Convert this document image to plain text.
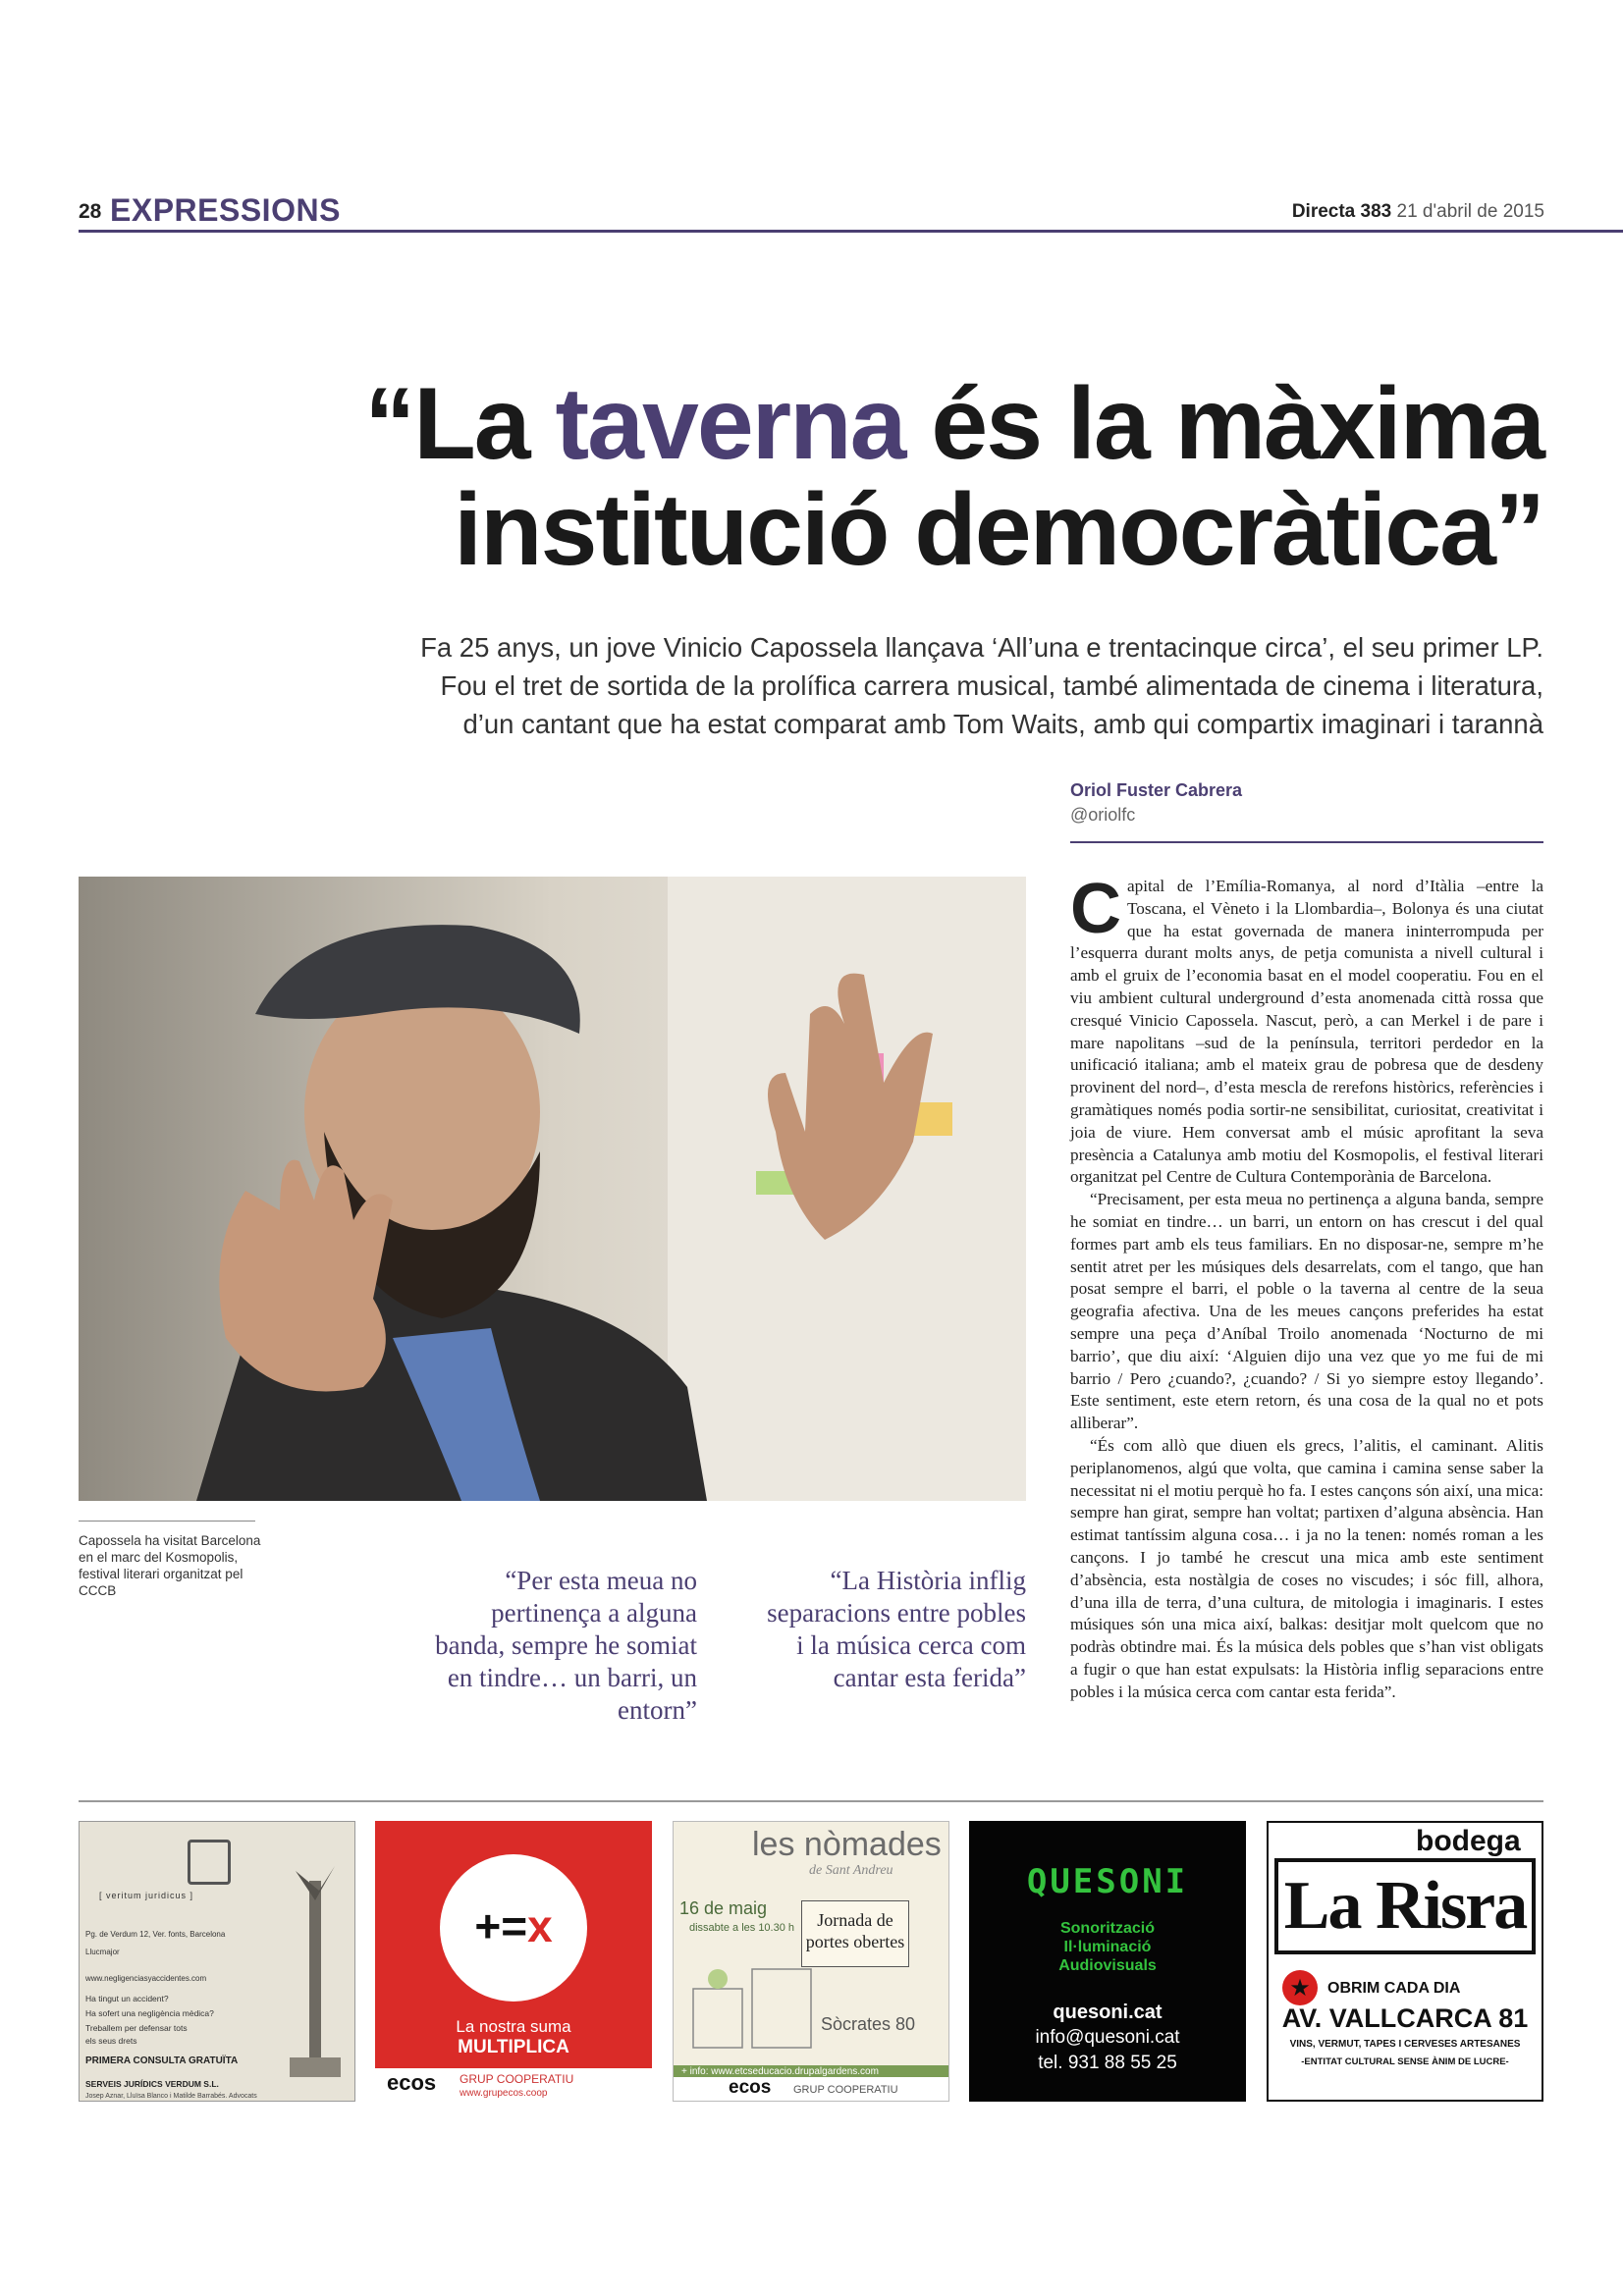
28 EXPRESSIONS	Directa 383 21 d'abril de 2015
“La taverna és la màxima
institució democràtica”
Fa 25 anys, un jove Vinicio Capossela llançava ‘All’una e trentacinque circa’, el seu primer LP.
Fou el tret de sortida de la prolífica carrera musical, també alimentada de cinema i literatura,
d’un cantant que ha estat comparat amb Tom Waits, amb qui compartix imaginari i tarannà
Oriol Fuster Cabrera
@oriolfc
Capossela ha visitat Barcelona en el marc del Kosmopolis, festival literari organitzat pel CCCB	“Per esta meua no pertinença a alguna banda, sempre he somiat en tindre… un barri, un entorn”
“La Història inflig separacions entre pobles i la música cerca com cantar esta ferida”

Capital de l’Emília-Romanya, al nord d’Itàlia –entre la Toscana, el Vèneto i la Llombardia–, Bolonya és una ciutat que ha estat governada de manera ininterrompuda per l’esquerra durant molts anys, de petja comunista a nivell cultural i amb el gruix de l’economia basat en el model cooperatiu. Fou en el viu ambient cultural underground d’esta anomenada città rossa que cresqué Vinicio Capossela. Nascut, però, a can Merkel i de pare i mare napolitans –sud de la península, territori perdedor en la unificació italiana; amb el mateix grau de pobresa que de desdeny provinent del nord–, d’esta mescla de rerefons històrics, referències i gramàtiques només podia sortir-ne sensibilitat, curiositat, creativitat i joia de viure. Hem conversat amb el músic aprofitant la seva presència a Catalunya amb motiu del Kosmopolis, el festival literari organitzat pel Centre de Cultura Contemporània de Barcelona.

“Precisament, per esta meua no pertinença a alguna banda, sempre he somiat en tindre… un barri, un entorn on has crescut i del qual formes part amb els teus familiars. En no disposar-ne, sempre m’he sentit atret per les músiques dels desarrelats, com el tango, que han posat sempre el barri, el poble o la taverna al centre de la seua geografia afectiva. Una de les meues cançons preferides ha estat sempre una peça d’Aníbal Troilo anomenada ‘Nocturno de mi barrio’, que diu així: ‘Alguien dijo una vez que yo me fui de mi barrio / Pero ¿cuando?, ¿cuando? / Si yo siempre estoy llegando’. Este sentiment, este etern retorn, és una cosa de la qual no et pots alliberar”.

“És com allò que diuen els grecs, l’alitis, el caminant. Alitis periplanomenos, algú que volta, que camina i camina sense saber la necessitat ni el motiu perquè ho fa. I estes cançons són així, una mica: sempre han girat, sempre han voltat; partixen d’alguna absència. Han estimat tantíssim alguna cosa… i ja no la tenen: només roman a les cançons. I jo també he crescut una mica amb este sentiment d’absència, esta nostàlgia de coses no viscudes; i sóc fill, alhora, d’una illa de terra, d’una cultura, de mitologia i imaginaris. I estes músiques són una mica així, balkas: desitjar molt quelcom que no podràs obtindre mai. És la música dels pobles que s’han vist obligats a fugir o que han estat expulsats: la Història inflig separacions entre pobles i la música cerca com cantar esta ferida”.

[ veritum juridicus ]
Pg. de Verdum 12, Ver. fonts, Barcelona
Llucmajor
www.negligenciasyaccidentes.com
Ha tingut un accident?
Ha sofert una negligència mèdica?
Treballem per defensar tots
els seus drets
PRIMERA CONSULTA GRATUÏTA
SERVEIS JURÍDICS VERDUM S.L.
Josep Aznar, Lluïsa Blanco i Matilde Barrabés. Advocats
+=x
La nostra suma
MULTIPLICA
ecos GRUP COOPERATIU
www.grupecos.coop
les nòmades
de Sant Andreu
16 de maig
dissabte a les 10.30 h	Jornada de portes obertes
Sòcrates 80
+ info: www.etcseducacio.drupalgardens.com
ecos GRUP COOPERATIU
QUESONI
Sonorització
Il·luminació
Audiovisuals
quesoni.cat
info@quesoni.cat
tel. 931 88 55 25
bodega
La Risra
★	OBRIM CADA DIA
AV. VALLCARCA 81
VINS, VERMUT, TAPES I CERVESES ARTESANES
-ENTITAT CULTURAL SENSE ÀNIM DE LUCRE-
